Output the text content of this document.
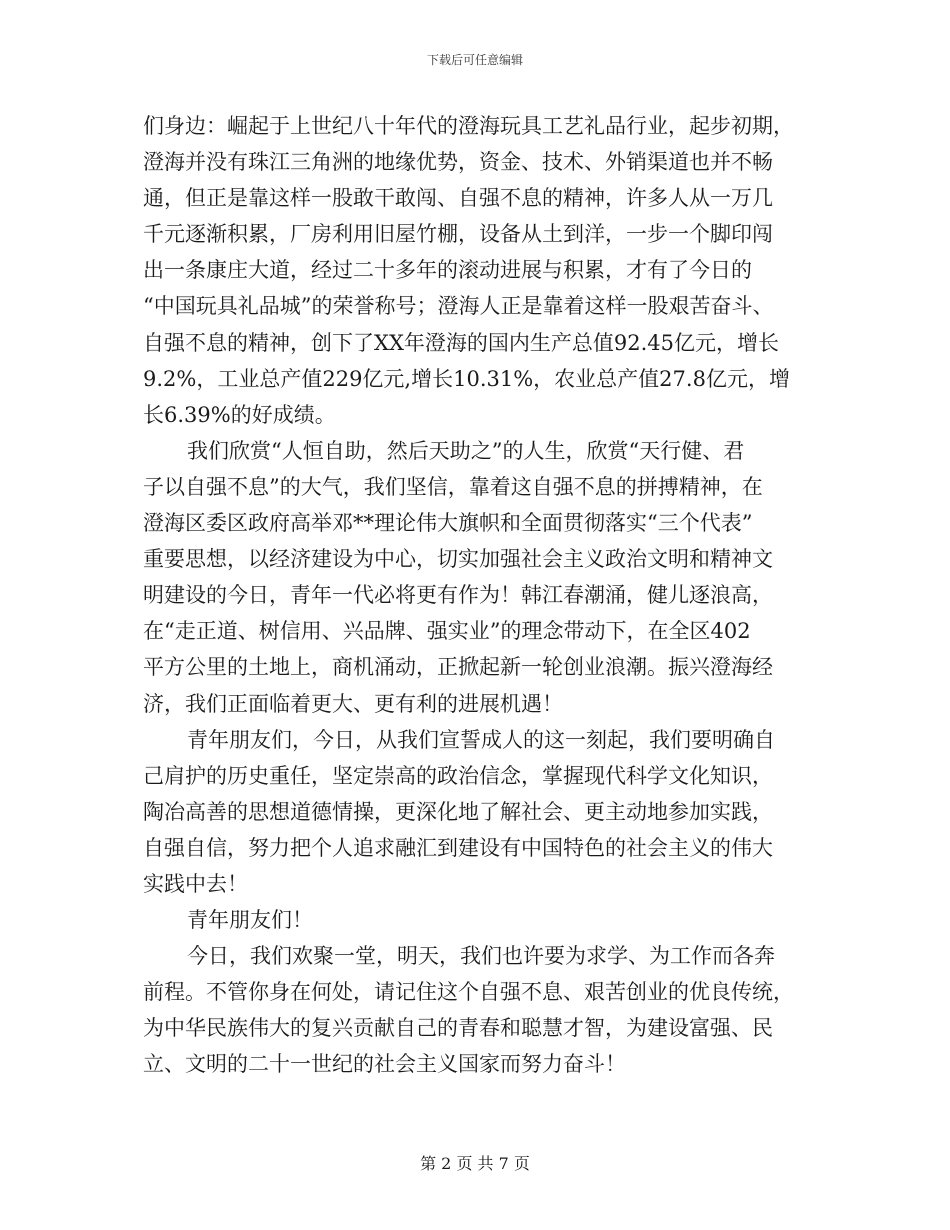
下载后可任意编辑
们身边：崛起于上世纪八十年代的澄海玩具工艺礼品行业，起步初期，
澄海并没有珠江三角洲的地缘优势，资金、技术、外销渠道也并不畅
通，但正是靠这样一股敢干敢闯、自强不息的精神，许多人从一万几
千元逐渐积累，厂房利用旧屋竹棚，设备从土到洋，一步一个脚印闯
出一条康庄大道，经过二十多年的滚动进展与积累，才有了今日的
“中国玩具礼品城”的荣誉称号；澄海人正是靠着这样一股艰苦奋斗、
自强不息的精神，创下了XX年澄海的国内生产总值92.45亿元，增长
9.2%，工业总产值229亿元,增长10.31%，农业总产值27.8亿元，增
长6.39%的好成绩。
我们欣赏“人恒自助，然后天助之”的人生，欣赏“天行健、君
子以自强不息”的大气，我们坚信，靠着这自强不息的拼搏精神，在
澄海区委区政府高举邓**理论伟大旗帜和全面贯彻落实“三个代表”
重要思想，以经济建设为中心，切实加强社会主义政治文明和精神文
明建设的今日，青年一代必将更有作为！韩江春潮涌，健儿逐浪高，
在“走正道、树信用、兴品牌、强实业”的理念带动下，在全区402
平方公里的土地上，商机涌动，正掀起新一轮创业浪潮。振兴澄海经
济，我们正面临着更大、更有利的进展机遇！
青年朋友们，今日，从我们宣誓成人的这一刻起，我们要明确自
己肩护的历史重任，坚定崇高的政治信念，掌握现代科学文化知识，
陶冶高善的思想道德情操，更深化地了解社会、更主动地参加实践，
自强自信，努力把个人追求融汇到建设有中国特色的社会主义的伟大
实践中去！
青年朋友们！
今日，我们欢聚一堂，明天，我们也许要为求学、为工作而各奔
前程。不管你身在何处，请记住这个自强不息、艰苦创业的优良传统，
为中华民族伟大的复兴贡献自己的青春和聪慧才智，为建设富强、民
立、文明的二十一世纪的社会主义国家而努力奋斗！
第 2 页 共 7 页
